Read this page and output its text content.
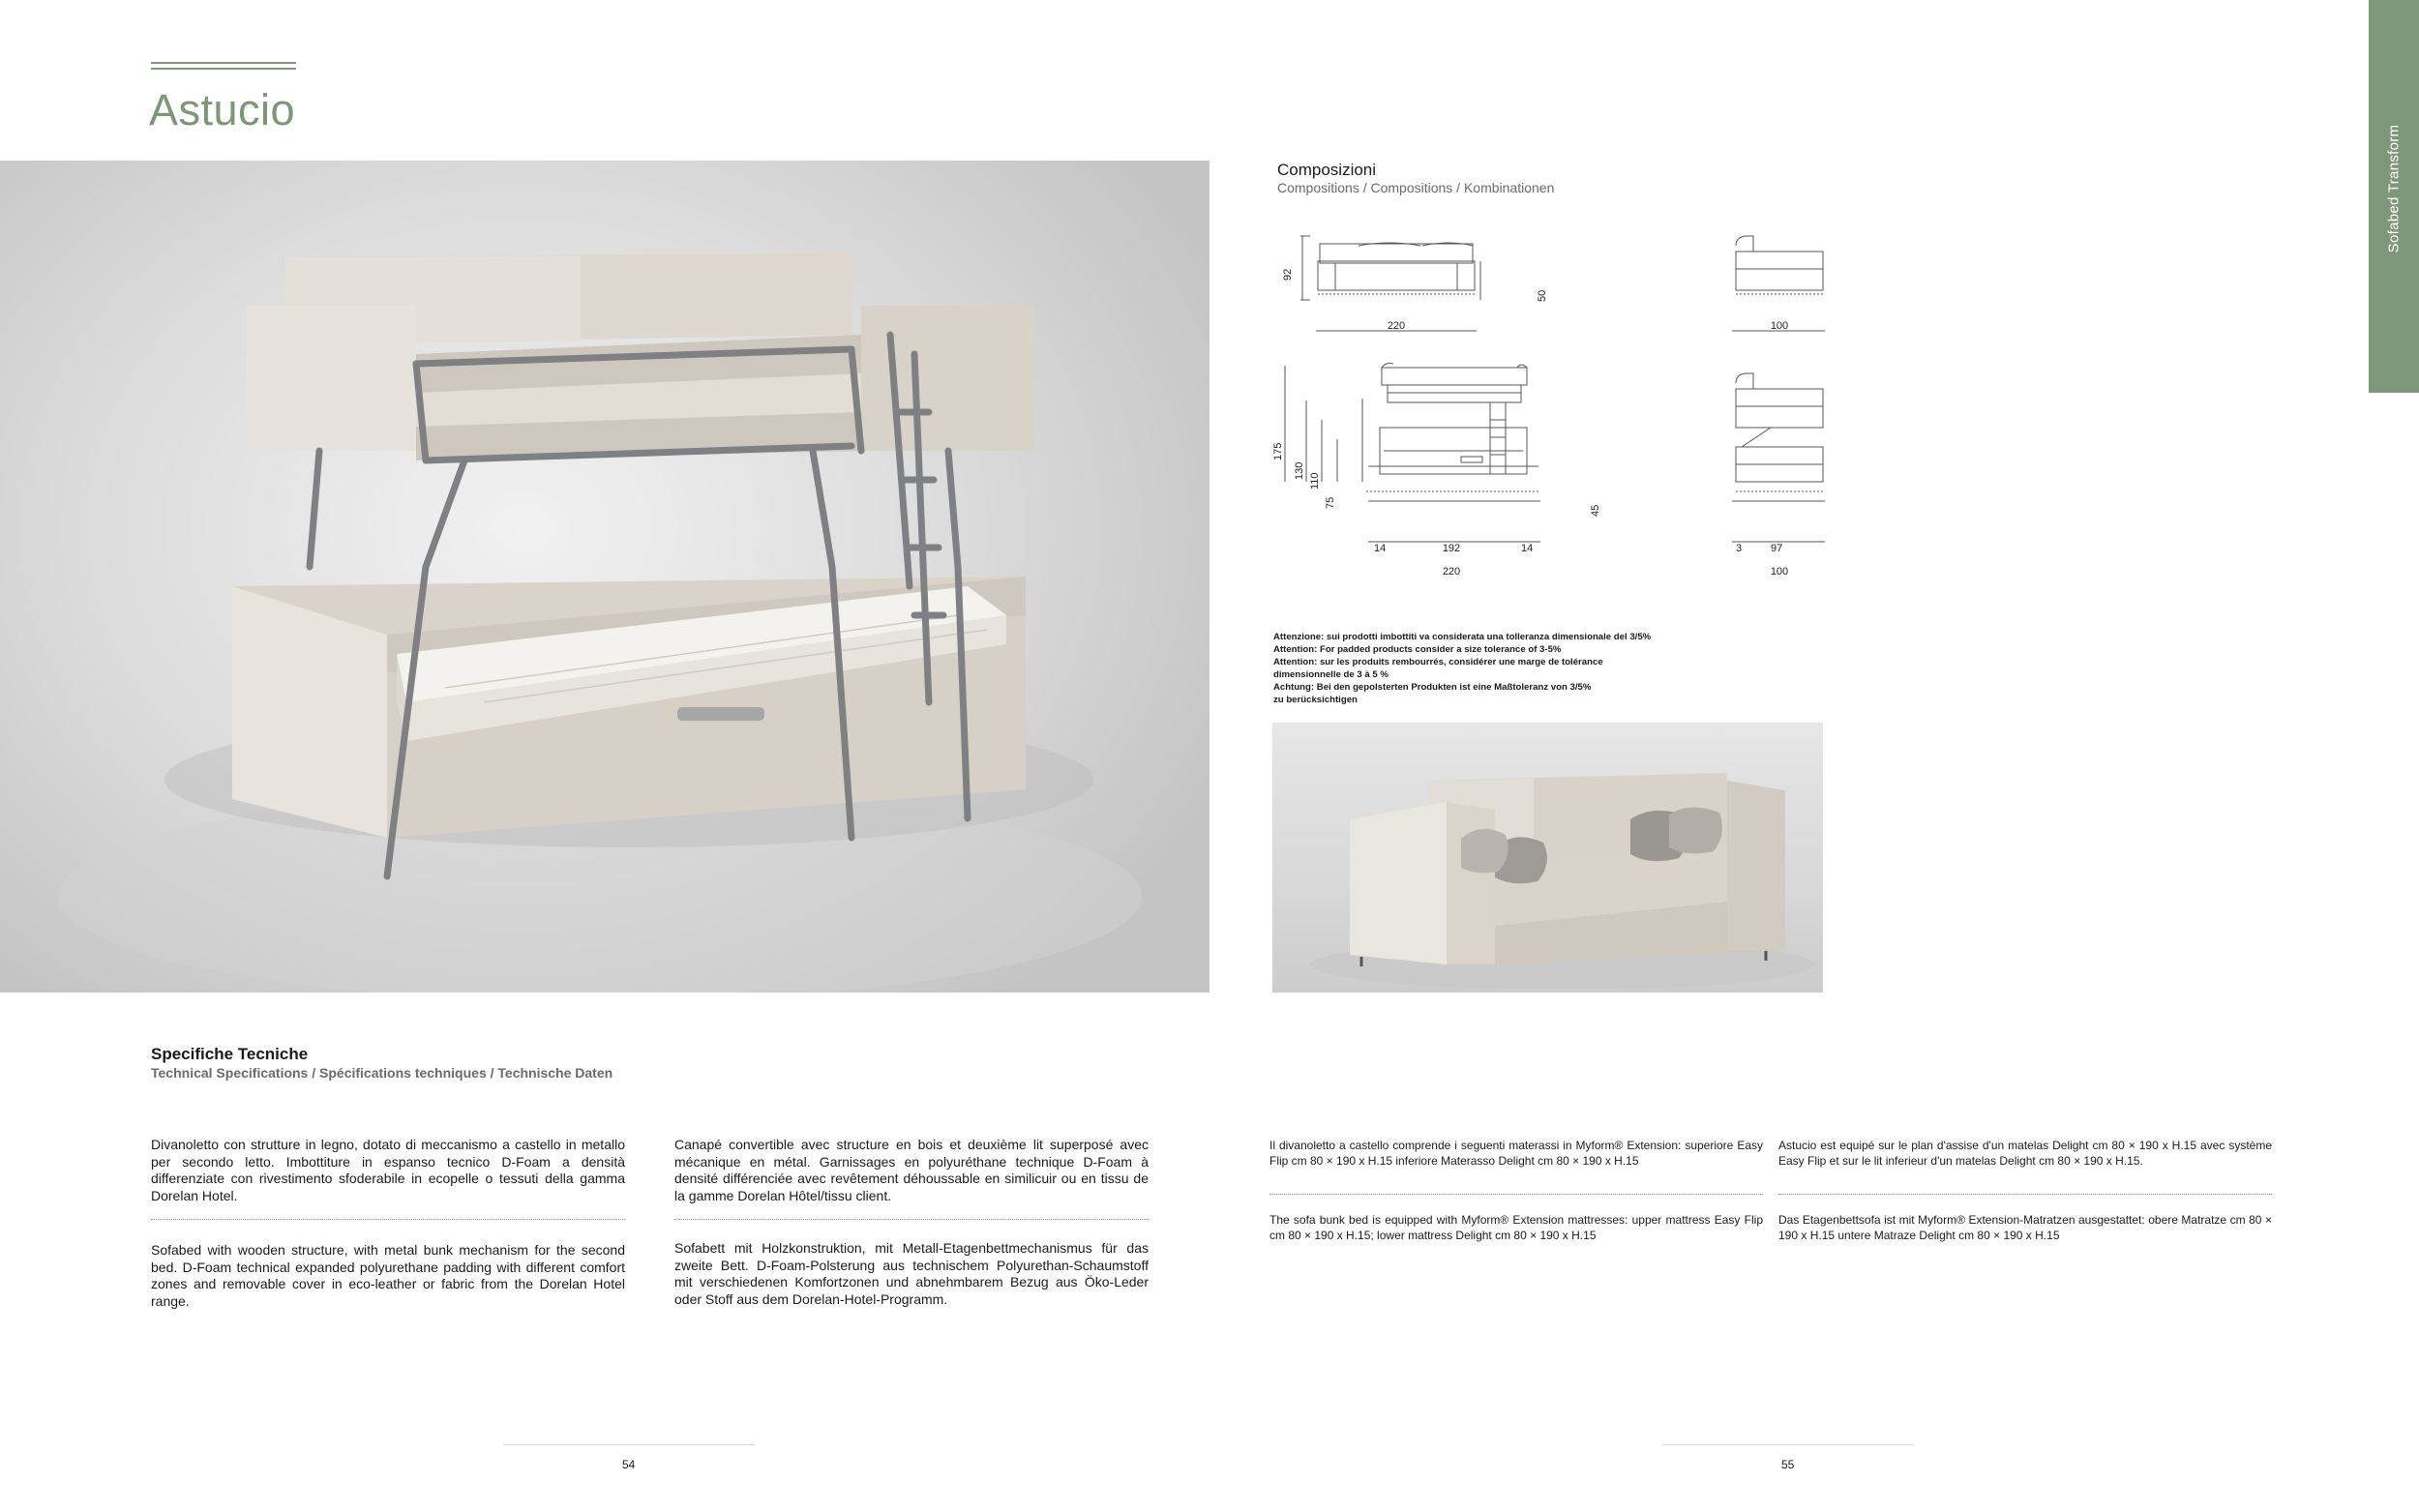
Astucio
Sofabed Transform
Composizioni
Compositions / Compositions / Kombinationen
92
50
220	100
175
130
110
75
45
14	192	14
220
3	97
100
Attenzione: sui prodotti imbottiti va considerata una tolleranza dimensionale del 3/5%
Attention: For padded products consider a size tolerance of 3-5%
Attention: sur les produits rembourrés, considérer une marge de tolérance
dimensionnelle de 3 à 5 %
Achtung: Bei den gepolsterten Produkten ist eine Maßtoleranz von 3/5%
zu berücksichtigen
Specifiche Tecniche
Technical Specifications / Spécifications techniques / Technische Daten
Divanoletto con strutture in legno, dotato di meccanismo a castello in metallo per secondo letto. Imbottiture in espanso tecnico D-Foam a densità differenziate con rivestimento sfoderabile in ecopelle o tessuti della gamma Dorelan Hotel.
Sofabed with wooden structure, with metal bunk mechanism for the second bed. D-Foam technical expanded polyurethane padding with different comfort zones and removable cover in eco-leather or fabric from the Dorelan Hotel range.
Canapé convertible avec structure en bois et deuxième lit superposé avec mécanique en métal. Garnissages en polyuréthane technique D-Foam à densité différenciée avec revêtement déhoussable en similicuir ou en tissu de la gamme Dorelan Hôtel/tissu client.
Sofabett mit Holzkonstruktion, mit Metall-Etagenbettmechanismus für das zweite Bett. D-Foam-Polsterung aus technischem Polyurethan-Schaumstoff mit verschiedenen Komfortzonen und abnehmbarem Bezug aus Öko-Leder oder Stoff aus dem Dorelan-Hotel-Programm.
Il divanoletto a castello comprende i seguenti materassi in Myform® Extension: superiore Easy Flip cm 80 × 190 x H.15 inferiore Materasso Delight cm 80 × 190 x H.15
The sofa bunk bed is equipped with Myform® Extension mattresses: upper mattress Easy Flip cm 80 × 190 x H.15; lower mattress Delight cm 80 × 190 x H.15
Astucio est equipé sur le plan d'assise d'un matelas Delight cm 80 × 190 x H.15 avec système Easy Flip et sur le lit inferieur d'un matelas Delight cm 80 × 190 x H.15.
Das Etagenbettsofa ist mit Myform® Extension-Matratzen ausgestattet: obere Matratze cm 80 × 190 x H.15 untere Matraze Delight cm 80 × 190 x H.15
54	55
